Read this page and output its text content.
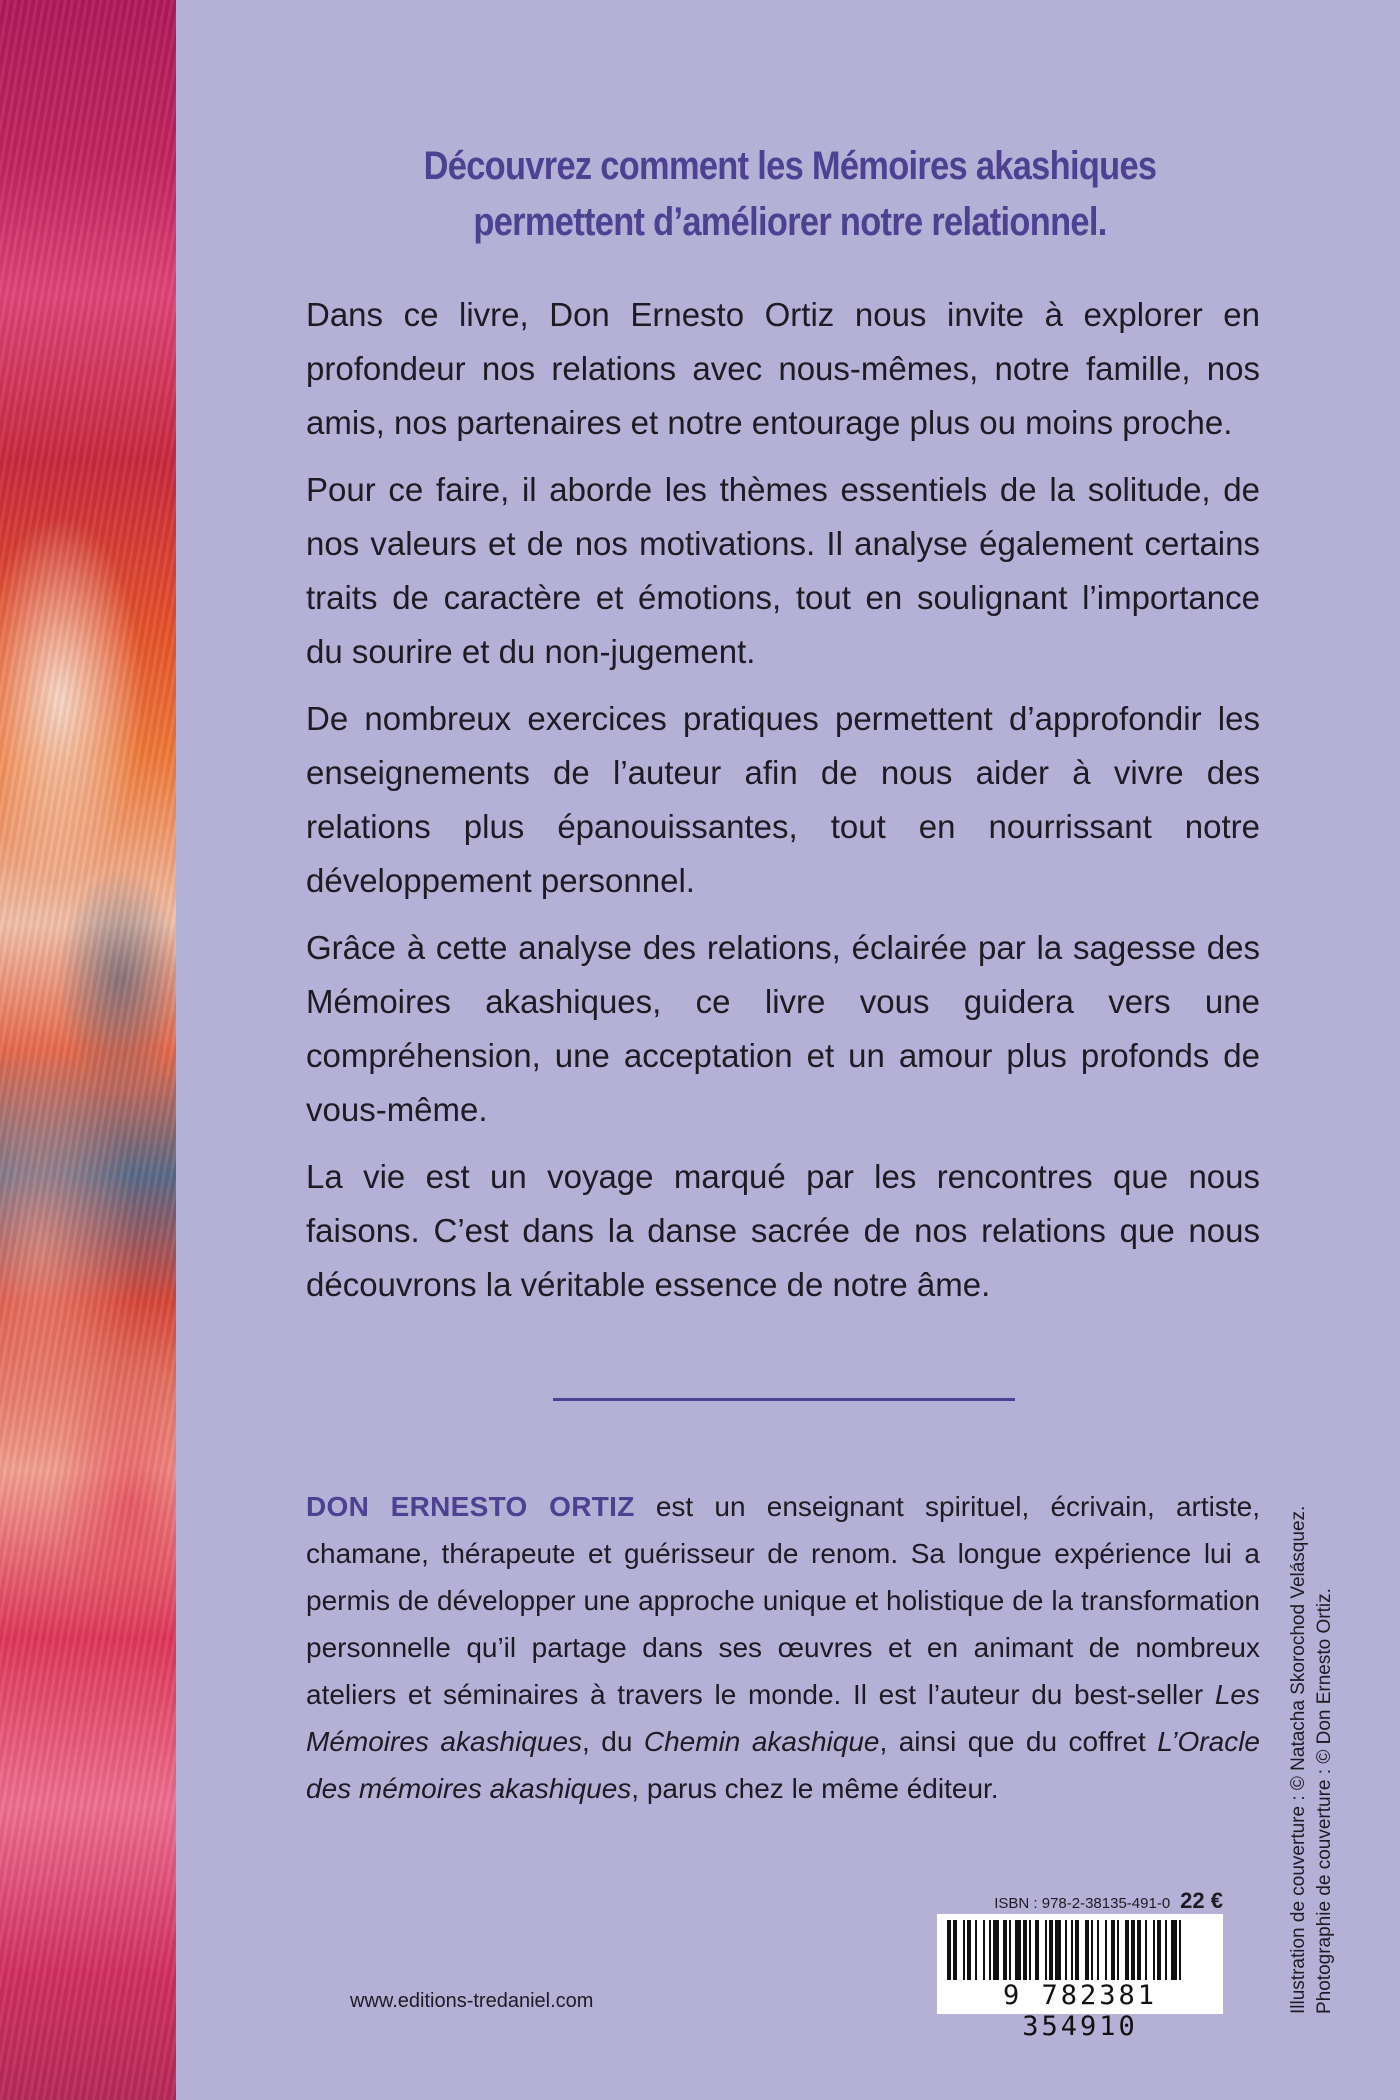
Découvrez comment les Mémoires akashiques
permettent d’améliorer notre relationnel.

Dans ce livre, Don Ernesto Ortiz nous invite à explorer en profondeur nos relations avec nous-mêmes, notre famille, nos amis, nos partenaires et notre entourage plus ou moins proche.

Pour ce faire, il aborde les thèmes essentiels de la solitude, de nos valeurs et de nos motivations. Il analyse également certains traits de caractère et émotions, tout en soulignant l’importance du sourire et du non-jugement.

De nombreux exercices pratiques permettent d’approfondir les enseignements de l’auteur afin de nous aider à vivre des relations plus épanouissantes, tout en nourrissant notre développement personnel.

Grâce à cette analyse des relations, éclairée par la sagesse des Mémoires akashiques, ce livre vous guidera vers une compréhension, une acceptation et un amour plus profonds de vous-même.

La vie est un voyage marqué par les rencontres que nous faisons. C’est dans la danse sacrée de nos relations que nous découvrons la véritable essence de notre âme.

DON ERNESTO ORTIZ est un enseignant spirituel, écrivain, artiste, chamane, thérapeute et guérisseur de renom. Sa longue expérience lui a permis de développer une approche unique et holistique de la transformation personnelle qu’il partage dans ses œuvres et en animant de nombreux ateliers et séminaires à travers le monde. Il est l’auteur du best-seller Les Mémoires akashiques, du Chemin akashique, ainsi que du coffret L’Oracle des mémoires akashiques, parus chez le même éditeur.

www.editions-tredaniel.com
ISBN : 978-2-38135-491-0 22 €
9 782381 354910
Illustration de couverture : © Natacha Skorochod Velásquez. Photographie de couverture : © Don Ernesto Ortiz.
